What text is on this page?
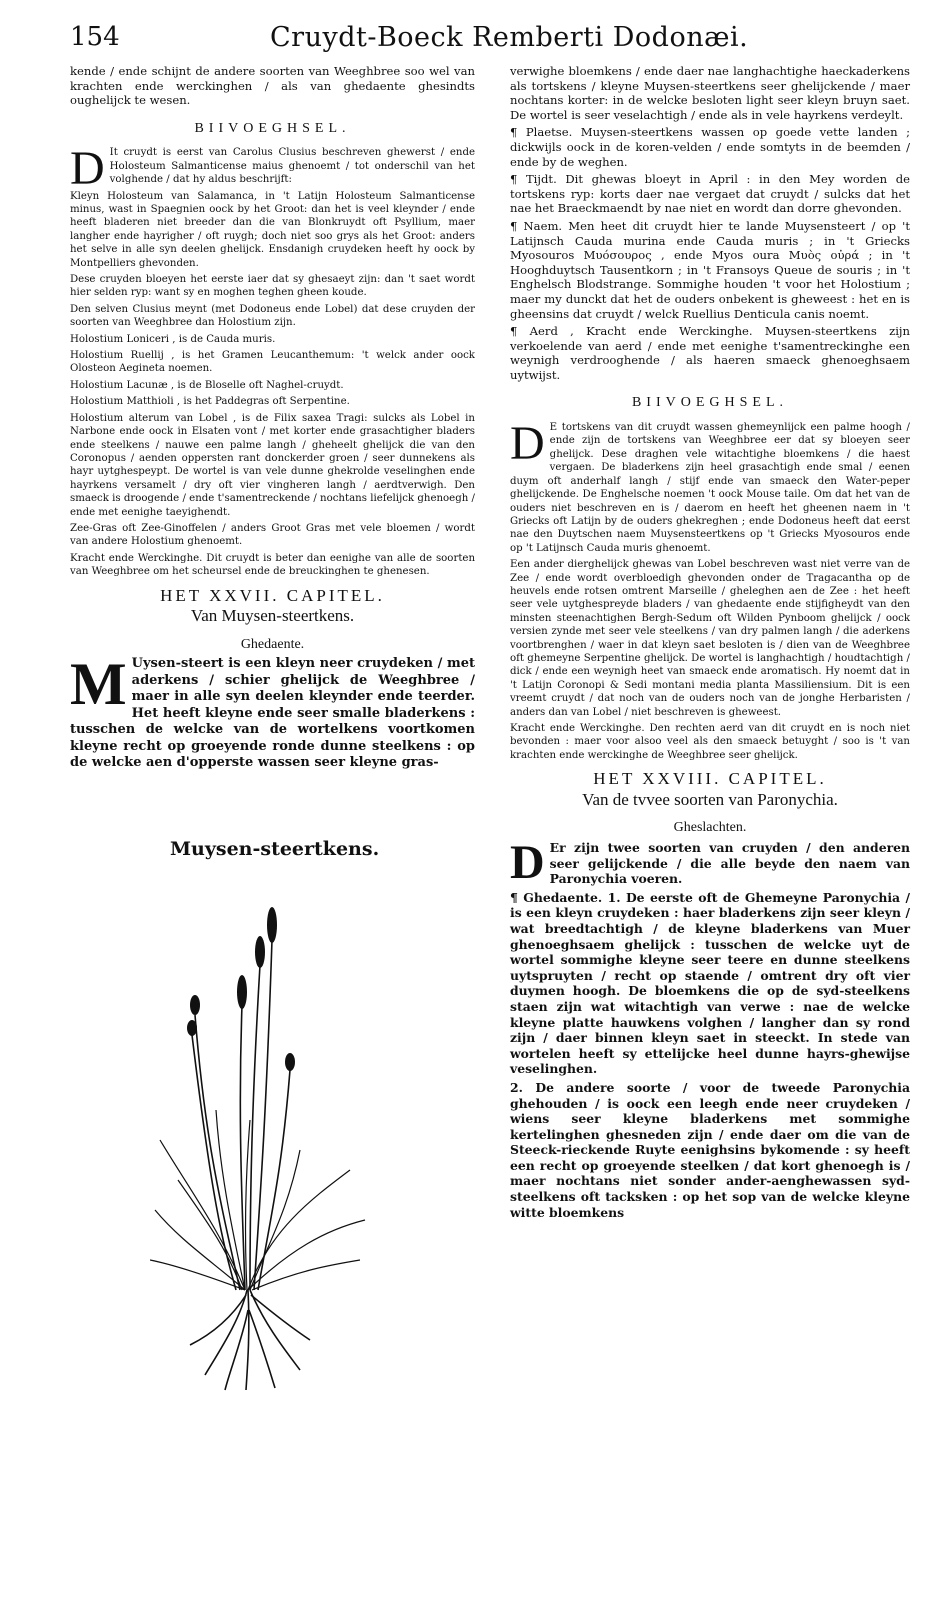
154	Cruydt-Boeck Remberti Dodonæi.

kende / ende schijnt de andere soorten van Weeghbree soo wel van krachten ende werckinghen / als van ghedaente ghesindts oughelijck te wesen.

BIIVOEGHSEL.

D It cruydt is eerst van Carolus Clusius beschreven ghewerst / ende Holosteum Salmanticense maius ghenoemt / tot onderschil van het volghende / dat hy aldus beschrijft:

Kleyn Holosteum van Salamanca, in 't Latijn Holosteum Salmanticense minus, wast in Spaegnien oock by het Groot: dan het is veel kleynder / ende heeft bladeren niet breeder dan die van Blonkruydt oft Psyllium, maer langher ende hayrigher / oft ruygh; doch niet soo grys als het Groot: anders het selve in alle syn deelen ghelijck. Ensdanigh cruydeken heeft hy oock by Montpelliers ghevonden.

Dese cruyden bloeyen het eerste iaer dat sy ghesaeyt zijn: dan 't saet wordt hier selden ryp: want sy en moghen teghen gheen koude.

Den selven Clusius meynt (met Dodoneus ende Lobel) dat dese cruyden der soorten van Weeghbree dan Holostium zijn.

Holostium Loniceri , is de Cauda muris.

Holostium Ruellij , is het Gramen Leucanthemum: 't welck ander oock Olosteon Aegineta noemen.

Holostium Lacunæ , is de Bloselle oft Naghel-cruydt.

Holostium Matthioli , is het Paddegras oft Serpentine.

Holostium alterum van Lobel , is de Filix saxea Tragi: sulcks als Lobel in Narbone ende oock in Elsaten vont / met korter ende grasachtigher bladers ende steelkens / nauwe een palme langh / gheheelt ghelijck die van den Coronopus / aenden oppersten rant donckerder groen / seer dunnekens als hayr uytghespeypt. De wortel is van vele dunne ghekrolde veselinghen ende hayrkens versamelt / dry oft vier vingheren langh / aerdtverwigh. Den smaeck is droogende / ende t'samentreckende / nochtans liefelijck ghenoegh / ende met eenighe taeyighendt.

Zee-Gras oft Zee-Ginoffelen / anders Groot Gras met vele bloemen / wordt van andere Holostium ghenoemt.

Kracht ende Werckinghe. Dit cruydt is beter dan eenighe van alle de soorten van Weeghbree om het scheursel ende de breuckinghen te ghenesen.

HET XXVII. CAPITEL.
Van Muysen-steertkens.
Ghedaente.

M Uysen-steert is een kleyn neer cruydeken / met aderkens / schier ghelijck de Weeghbree / maer in alle syn deelen kleynder ende teerder. Het heeft kleyne ende seer smalle bladerkens : tusschen de welcke van de wortelkens voortkomen kleyne recht op groeyende ronde dunne steelkens : op de welcke aen d'opperste wassen seer kleyne gras-

Muysen-steertkens.

verwighe bloemkens / ende daer nae langhachtighe haeckaderkens als tortskens / kleyne Muysen-steertkens seer ghelijckende / maer nochtans korter: in de welcke besloten light seer kleyn bruyn saet. De wortel is seer veselachtigh / ende als in vele hayrkens verdeylt.

¶ Plaetse. Muysen-steertkens wassen op goede vette landen ; dickwijls oock in de koren-velden / ende somtyts in de beemden / ende by de weghen.

¶ Tijdt. Dit ghewas bloeyt in April : in den Mey worden de tortskens ryp: korts daer nae vergaet dat cruydt / sulcks dat het nae het Braeckmaendt by nae niet en wordt dan dorre ghevonden.

¶ Naem. Men heet dit cruydt hier te lande Muysensteert / op 't Latijnsch Cauda murina ende Cauda muris ; in 't Griecks Myosouros Μυόσουρος , ende Myos oura Μυὸς οὐρά ; in 't Hooghduytsch Tausentkorn ; in 't Fransoys Queue de souris ; in 't Enghelsch Blodstrange. Sommighe houden 't voor het Holostium ; maer my dunckt dat het de ouders onbekent is gheweest : het en is gheensins dat cruydt / welck Ruellius Denticula canis noemt.

¶ Aerd , Kracht ende Werckinghe. Muysen-steertkens zijn verkoelende van aerd / ende met eenighe t'samentreckinghe een weynigh verdrooghende / als haeren smaeck ghenoeghsaem uytwijst.

BIIVOEGHSEL.

D E tortskens van dit cruydt wassen ghemeynlijck een palme hoogh / ende zijn de tortskens van Weeghbree eer dat sy bloeyen seer ghelijck. Dese draghen vele witachtighe bloemkens / die haest vergaen. De bladerkens zijn heel grasachtigh ende smal / eenen duym oft anderhalf langh / stijf ende van smaeck den Water-peper ghelijckende. De Enghelsche noemen 't oock Mouse taile. Om dat het van de ouders niet beschreven en is / daerom en heeft het gheenen naem in 't Griecks oft Latijn by de ouders ghekreghen ; ende Dodoneus heeft dat eerst nae den Duytschen naem Muysensteertkens op 't Griecks Myosouros ende op 't Latijnsch Cauda muris ghenoemt.

Een ander dierghelijck ghewas van Lobel beschreven wast niet verre van de Zee / ende wordt overbloedigh ghevonden onder de Tragacantha op de heuvels ende rotsen omtrent Marseille / gheleghen aen de Zee : het heeft seer vele uytghespreyde bladers / van ghedaente ende stijfigheydt van den minsten steenachtighen Bergh-Sedum oft Wilden Pynboom ghelijck / oock versien zynde met seer vele steelkens / van dry palmen langh / die aderkens voortbrenghen / waer in dat kleyn saet besloten is / dien van de Weeghbree oft ghemeyne Serpentine ghelijck. De wortel is langhachtigh / houdtachtigh / dick / ende een weynigh heet van smaeck ende aromatisch. Hy noemt dat in 't Latijn Coronopi & Sedi montani media planta Massiliensium. Dit is een vreemt cruydt / dat noch van de ouders noch van de jonghe Herbaristen / anders dan van Lobel / niet beschreven is gheweest.

Kracht ende Werckinghe. Den rechten aerd van dit cruydt en is noch niet bevonden : maer voor alsoo veel als den smaeck betuyght / soo is 't van krachten ende werckinghe de Weeghbree seer ghelijck.

HET XXVIII. CAPITEL.
Van de tvvee soorten van Paronychia.
Gheslachten.

D Er zijn twee soorten van cruyden / den anderen seer gelijckende / die alle beyde den naem van Paronychia voeren.

¶ Ghedaente. 1. De eerste oft de Ghemeyne Paronychia / is een kleyn cruydeken : haer bladerkens zijn seer kleyn / wat breedtachtigh / de kleyne bladerkens van Muer ghenoeghsaem ghelijck : tusschen de welcke uyt de wortel sommighe kleyne seer teere en dunne steelkens uytspruyten / recht op staende / omtrent dry oft vier duymen hoogh. De bloemkens die op de syd-steelkens staen zijn wat witachtigh van verwe : nae de welcke kleyne platte hauwkens volghen / langher dan sy rond zijn / daer binnen kleyn saet in steeckt. In stede van wortelen heeft sy ettelijcke heel dunne hayrs-ghewijse veselinghen.

2. De andere soorte / voor de tweede Paronychia ghehouden / is oock een leegh ende neer cruydeken / wiens seer kleyne bladerkens met sommighe kertelinghen ghesneden zijn / ende daer om die van de Steeck-rieckende Ruyte eenighsins bykomende : sy heeft een recht op groeyende steelken / dat kort ghenoegh is / maer nochtans niet sonder ander-aenghewassen syd-steelkens oft tacksken : op het sop van de welcke kleyne witte bloemkens
